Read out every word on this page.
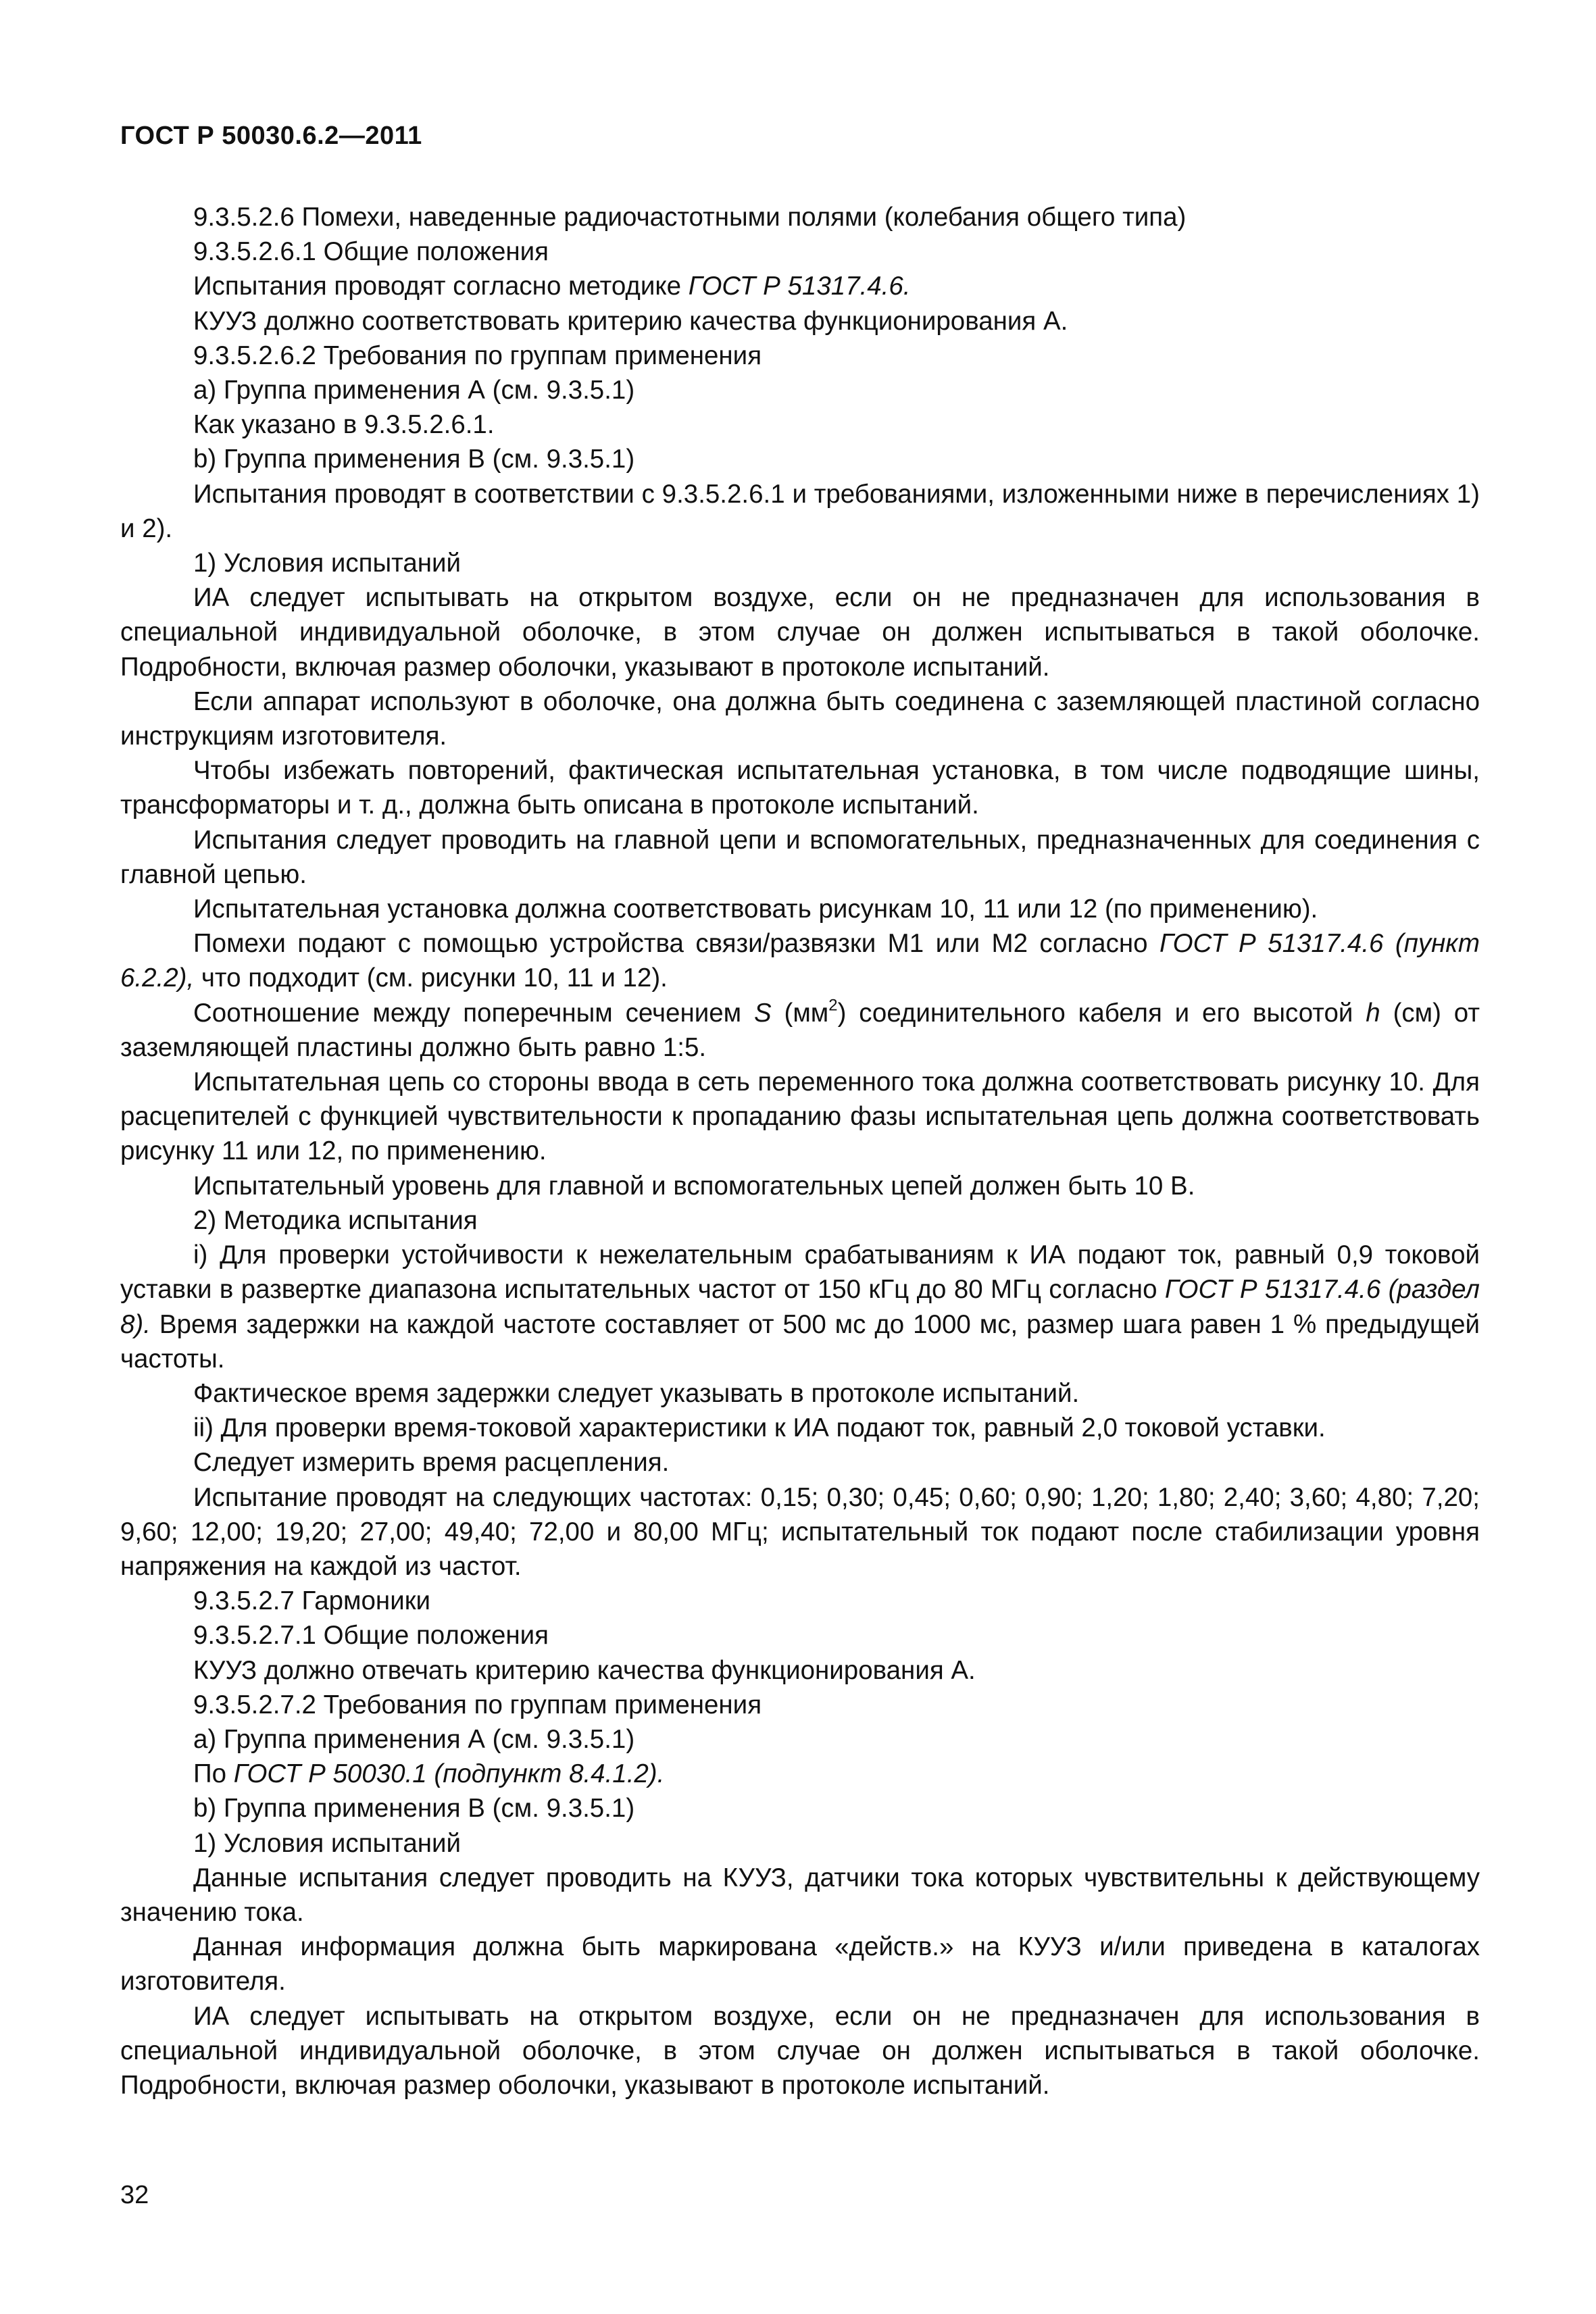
ГОСТ Р 50030.6.2—2011

9.3.5.2.6 Помехи, наведенные радиочастотными полями (колебания общего типа)

9.3.5.2.6.1 Общие положения

Испытания проводят согласно методике ГОСТ Р 51317.4.6.

КУУЗ должно соответствовать критерию качества функционирования А.

9.3.5.2.6.2 Требования по группам применения

а) Группа применения А (см. 9.3.5.1)

Как указано в 9.3.5.2.6.1.

b) Группа применения В (см. 9.3.5.1)

Испытания проводят в соответствии с 9.3.5.2.6.1 и требованиями, изложенными ниже в перечислениях 1) и 2).

1) Условия испытаний

ИА следует испытывать на открытом воздухе, если он не предназначен для использования в специальной индивидуальной оболочке, в этом случае он должен испытываться в такой оболочке. Подробности, включая размер оболочки, указывают в протоколе испытаний.

Если аппарат используют в оболочке, она должна быть соединена с заземляющей пластиной согласно инструкциям изготовителя.

Чтобы избежать повторений, фактическая испытательная установка, в том числе подводящие шины, трансформаторы и т. д., должна быть описана в протоколе испытаний.

Испытания следует проводить на главной цепи и вспомогательных, предназначенных для соединения с главной цепью.

Испытательная установка должна соответствовать рисункам 10, 11 или 12 (по применению).

Помехи подают с помощью устройства связи/развязки М1 или М2 согласно ГОСТ Р 51317.4.6 (пункт 6.2.2), что подходит (см. рисунки 10, 11 и 12).

Соотношение между поперечным сечением S $(мм^2)$ соединительного кабеля и его высотой h (см) от заземляющей пластины должно быть равно 1:5.

Испытательная цепь со стороны ввода в сеть переменного тока должна соответствовать рисунку 10. Для расцепителей с функцией чувствительности к пропаданию фазы испытательная цепь должна соответствовать рисунку 11 или 12, по применению.

Испытательный уровень для главной и вспомогательных цепей должен быть 10 В.

2) Методика испытания

i) Для проверки устойчивости к нежелательным срабатываниям к ИА подают ток, равный 0,9 токовой уставки в развертке диапазона испытательных частот от 150 кГц до 80 МГц согласно ГОСТ Р 51317.4.6 (раздел 8). Время задержки на каждой частоте составляет от 500 мс до 1000 мс, размер шага равен 1 % предыдущей частоты.

Фактическое время задержки следует указывать в протоколе испытаний.

ii) Для проверки время-токовой характеристики к ИА подают ток, равный 2,0 токовой уставки.

Следует измерить время расцепления.

Испытание проводят на следующих частотах: 0,15; 0,30; 0,45; 0,60; 0,90; 1,20; 1,80; 2,40; 3,60; 4,80; 7,20; 9,60; 12,00; 19,20; 27,00; 49,40; 72,00 и 80,00 МГц; испытательный ток подают после стабилизации уровня напряжения на каждой из частот.

9.3.5.2.7 Гармоники

9.3.5.2.7.1 Общие положения

КУУЗ должно отвечать критерию качества функционирования А.

9.3.5.2.7.2 Требования по группам применения

а) Группа применения А (см. 9.3.5.1)

По ГОСТ Р 50030.1 (подпункт 8.4.1.2).

b) Группа применения В (см. 9.3.5.1)

1) Условия испытаний

Данные испытания следует проводить на КУУЗ, датчики тока которых чувствительны к действующему значению тока.

Данная информация должна быть маркирована «действ.» на КУУЗ и/или приведена в каталогах изготовителя.

ИА следует испытывать на открытом воздухе, если он не предназначен для использования в специальной индивидуальной оболочке, в этом случае он должен испытываться в такой оболочке. Подробности, включая размер оболочки, указывают в протоколе испытаний.

32
